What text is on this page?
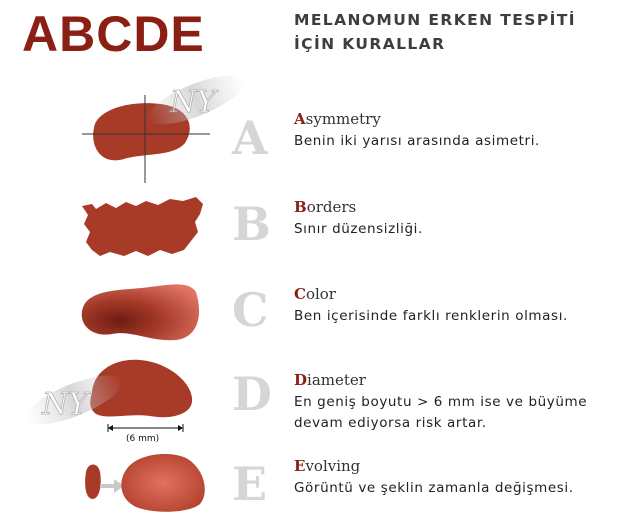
ABCDE	MELANOMUN ERKEN TESPİTİ İÇİN KURALLAR
NY
A
B
C
(6 mm)
NY	D
E

Asymmetry

Benin iki yarısı arasında asimetri.

Borders

Sınır düzensizliği.

Color

Ben içerisinde farklı renklerin olması.

Diameter

En geniş boyutu > 6 mm ise ve büyüme devam ediyorsa risk artar.

Evolving

Görüntü ve şeklin zamanla değişmesi.
